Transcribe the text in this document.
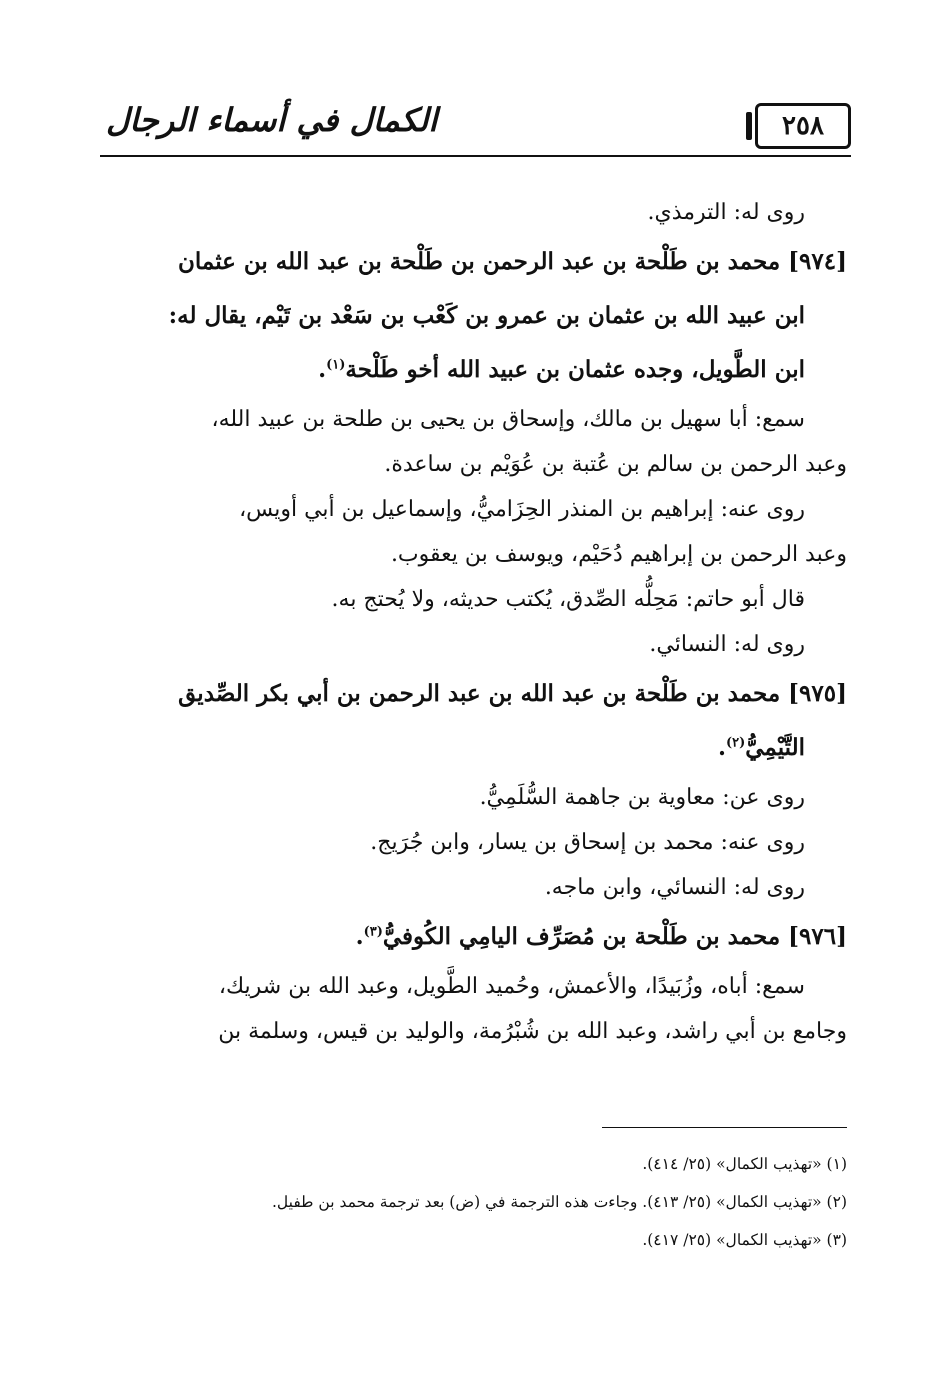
٢٥٨
الكمال في أسماء الرجال
روى له: الترمذي.
[٩٧٤] محمد بن طَلْحة بن عبد الرحمن بن طَلْحة بن عبد الله بن عثمان
ابن عبيد الله بن عثمان بن عمرو بن كَعْب بن سَعْد بن تَيْم، يقال له:
ابن الطَّويل، وجده عثمان بن عبيد الله أخو طَلْحة$^{(١)}$.
سمع: أبا سهيل بن مالك، وإسحاق بن يحيى بن طلحة بن عبيد الله،
وعبد الرحمن بن سالم بن عُتبة بن عُوَيْم بن ساعدة.
روى عنه: إبراهيم بن المنذر الحِزَاميُّ، وإسماعيل بن أبي أويس،
وعبد الرحمن بن إبراهيم دُحَيْم، ويوسف بن يعقوب.
قال أبو حاتم: مَحِلُّه الصِّدق، يُكتب حديثه، ولا يُحتج به.
روى له: النسائي.
[٩٧٥] محمد بن طَلْحة بن عبد الله بن عبد الرحمن بن أبي بكر الصِّديق
التَّيْمِيُّ$^{(٢)}$.
روى عن: معاوية بن جاهمة السُّلَمِيُّ.
روى عنه: محمد بن إسحاق بن يسار، وابن جُرَيج.
روى له: النسائي، وابن ماجه.
[٩٧٦] محمد بن طَلْحة بن مُصَرِّف اليامِي الكُوفيُّ$^{(٣)}$.
سمع: أباه، وزُبَيدًا، والأعمش، وحُميد الطَّويل، وعبد الله بن شريك،
وجامع بن أبي راشد، وعبد الله بن شُبْرُمة، والوليد بن قيس، وسلمة بن
(١) «تهذيب الكمال» (٢٥/ ٤١٤).
(٢) «تهذيب الكمال» (٢٥/ ٤١٣). وجاءت هذه الترجمة في (ض) بعد ترجمة محمد بن طفيل.
(٣) «تهذيب الكمال» (٢٥/ ٤١٧).
